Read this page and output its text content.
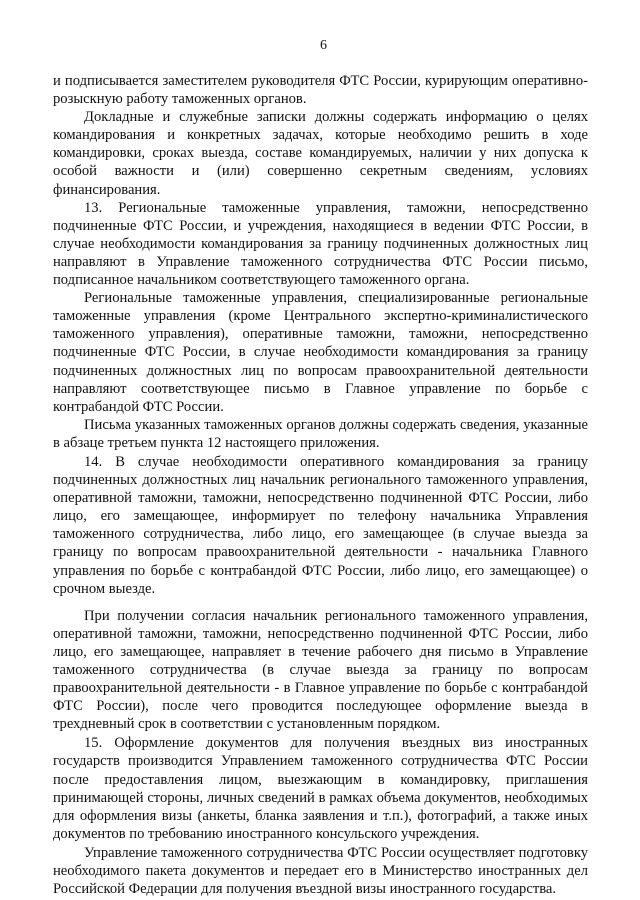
6

и подписывается заместителем руководителя ФТС России, курирующим оперативно-розыскную работу таможенных органов.

Докладные и служебные записки должны содержать информацию о целях командирования и конкретных задачах, которые необходимо решить в ходе командировки, сроках выезда, составе командируемых, наличии у них допуска к особой важности и (или) совершенно секретным сведениям, условиях финансирования.

13. Региональные таможенные управления, таможни, непосредственно подчиненные ФТС России, и учреждения, находящиеся в ведении ФТС России, в случае необходимости командирования за границу подчиненных должностных лиц направляют в Управление таможенного сотрудничества ФТС России письмо, подписанное начальником соответствующего таможенного органа.

Региональные таможенные управления, специализированные региональные таможенные управления (кроме Центрального экспертно-криминалистического таможенного управления), оперативные таможни, таможни, непосредственно подчиненные ФТС России, в случае необходимости командирования за границу подчиненных должностных лиц по вопросам правоохранительной деятельности направляют соответствующее письмо в Главное управление по борьбе с контрабандой ФТС России.

Письма указанных таможенных органов должны содержать сведения, указанные в абзаце третьем пункта 12 настоящего приложения.

14. В случае необходимости оперативного командирования за границу подчиненных должностных лиц начальник регионального таможенного управления, оперативной таможни, таможни, непосредственно подчиненной ФТС России, либо лицо, его замещающее, информирует по телефону начальника Управления таможенного сотрудничества, либо лицо, его замещающее (в случае выезда за границу по вопросам правоохранительной деятельности - начальника Главного управления по борьбе с контрабандой ФТС России, либо лицо, его замещающее) о срочном выезде.

При получении согласия начальник регионального таможенного управления, оперативной таможни, таможни, непосредственно подчиненной ФТС России, либо лицо, его замещающее, направляет в течение рабочего дня письмо в Управление таможенного сотрудничества (в случае выезда за границу по вопросам правоохранительной деятельности - в Главное управление по борьбе с контрабандой ФТС России), после чего проводится последующее оформление выезда в трехдневный срок в соответствии с установленным порядком.

15. Оформление документов для получения въездных виз иностранных государств производится Управлением таможенного сотрудничества ФТС России после предоставления лицом, выезжающим в командировку, приглашения принимающей стороны, личных сведений в рамках объема документов, необходимых для оформления визы (анкеты, бланка заявления и т.п.), фотографий, а также иных документов по требованию иностранного консульского учреждения.

Управление таможенного сотрудничества ФТС России осуществляет подготовку необходимого пакета документов и передает его в Министерство иностранных дел Российской Федерации для получения въездной визы иностранного государства.
